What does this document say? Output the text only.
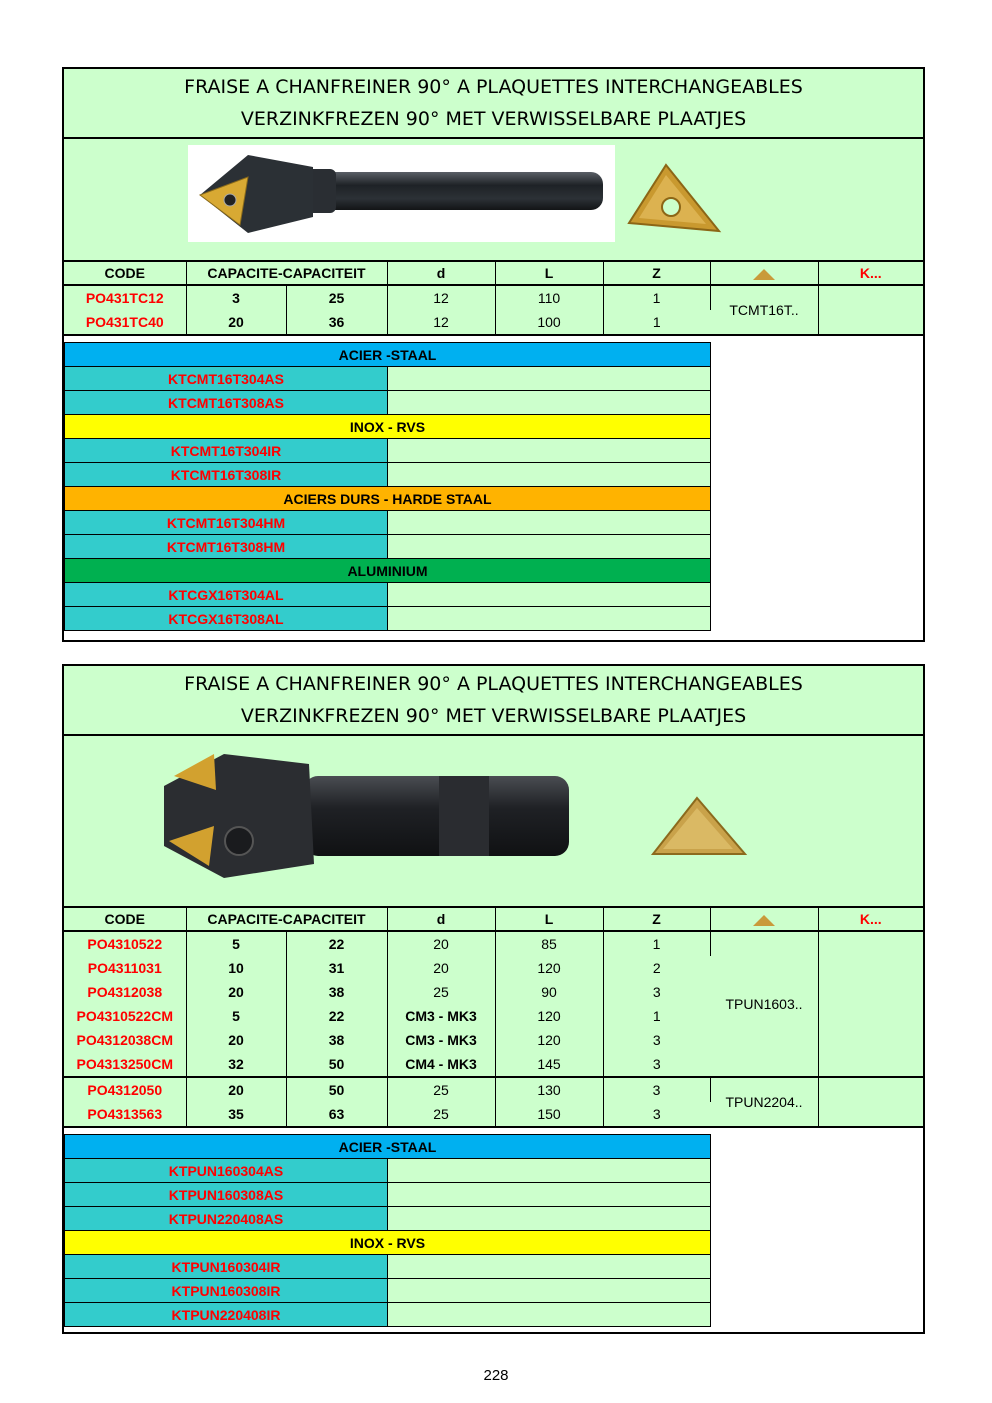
FRAISE A CHANFREINER 90° A PLAQUETTES INTERCHANGEABLES
VERZINKFREZEN 90° MET VERWISSELBARE PLAATJES
CODE	CAPACITE-CAPACITEIT		d	L	Z		K...
PO431TC12	3	25	12	110	1	TCMT16T..	
PO431TC40	20	36	12	100	1		
ACIER -STAAL	
KTCMT16T304AS	
KTCMT16T308AS	
INOX - RVS	
KTCMT16T304IR	
KTCMT16T308IR	
ACIERS DURS - HARDE STAAL	
KTCMT16T304HM	
KTCMT16T308HM	
ALUMINIUM	
KTCGX16T304AL	
KTCGX16T308AL	
FRAISE A CHANFREINER 90° A PLAQUETTES INTERCHANGEABLES
VERZINKFREZEN 90° MET VERWISSELBARE PLAATJES
CODE	CAPACITE-CAPACITEIT		d	L	Z		K...
PO4310522	5	22	20	85	1	TPUN1603..	
PO4311031	10	31	20	120	2		
PO4312038	20	38	25	90	3		
PO4310522CM	5	22	CM3 - MK3	120	1		
PO4312038CM	20	38	CM3 - MK3	120	3		
PO4313250CM	32	50	CM4 - MK3	145	3		
PO4312050	20	50	25	130	3	TPUN2204..	
PO4313563	35	63	25	150	3		
ACIER -STAAL	
KTPUN160304AS	
KTPUN160308AS	
KTPUN220408AS	
INOX - RVS	
KTPUN160304IR	
KTPUN160308IR	
KTPUN220408IR	
228
